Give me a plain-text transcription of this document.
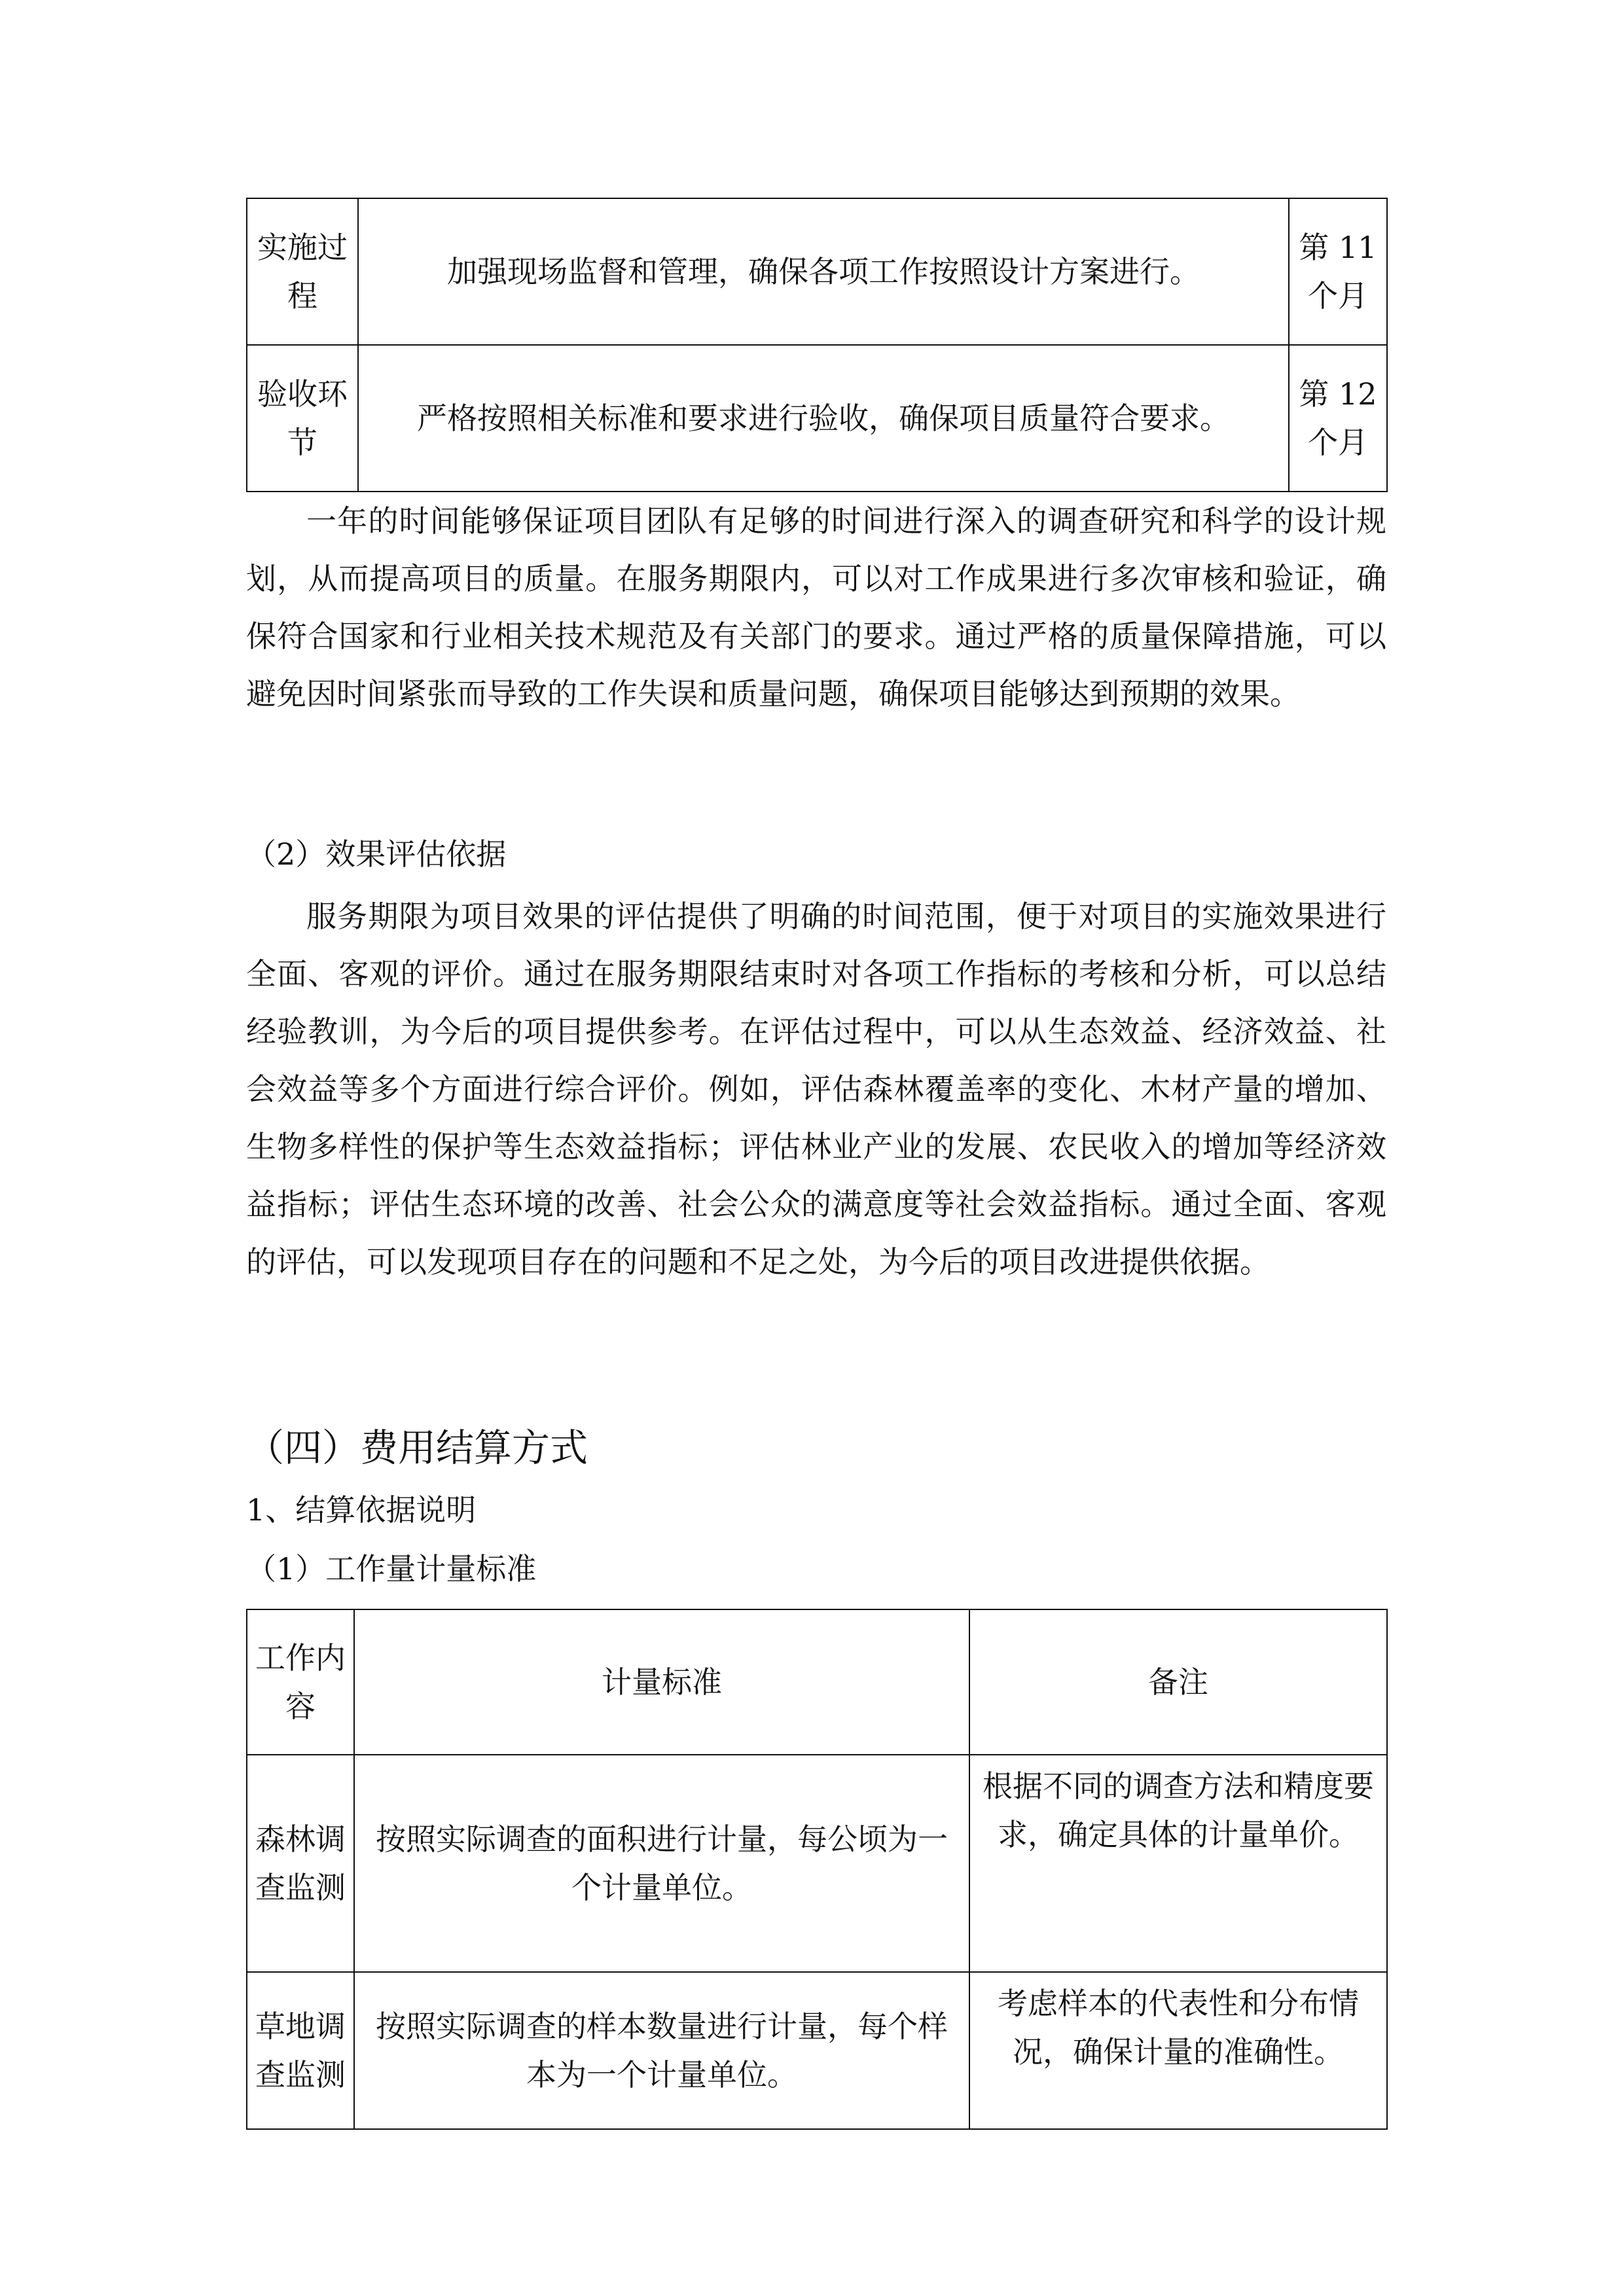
实施过程	加强现场监督和管理，确保各项工作按照设计方案进行。	第 11 个月
验收环节	严格按照相关标准和要求进行验收，确保项目质量符合要求。	第 12 个月

一年的时间能够保证项目团队有足够的时间进行深入的调查研究和科学的设计规划，从而提高项目的质量。在服务期限内，可以对工作成果进行多次审核和验证，确保符合国家和行业相关技术规范及有关部门的要求。通过严格的质量保障措施，可以避免因时间紧张而导致的工作失误和质量问题，确保项目能够达到预期的效果。

（2）效果评估依据

服务期限为项目效果的评估提供了明确的时间范围，便于对项目的实施效果进行全面、客观的评价。通过在服务期限结束时对各项工作指标的考核和分析，可以总结经验教训，为今后的项目提供参考。在评估过程中，可以从生态效益、经济效益、社会效益等多个方面进行综合评价。例如，评估森林覆盖率的变化、木材产量的增加、生物多样性的保护等生态效益指标；评估林业产业的发展、农民收入的增加等经济效益指标；评估生态环境的改善、社会公众的满意度等社会效益指标。通过全面、客观的评估，可以发现项目存在的问题和不足之处，为今后的项目改进提供依据。

（四）费用结算方式

1、结算依据说明

（1）工作量计量标准

工作内容	计量标准	备注
森林调查监测	按照实际调查的面积进行计量，每公顷为一个计量单位。	根据不同的调查方法和精度要求，确定具体的计量单价。
草地调查监测	按照实际调查的样本数量进行计量，每个样本为一个计量单位。	考虑样本的代表性和分布情况，确保计量的准确性。
